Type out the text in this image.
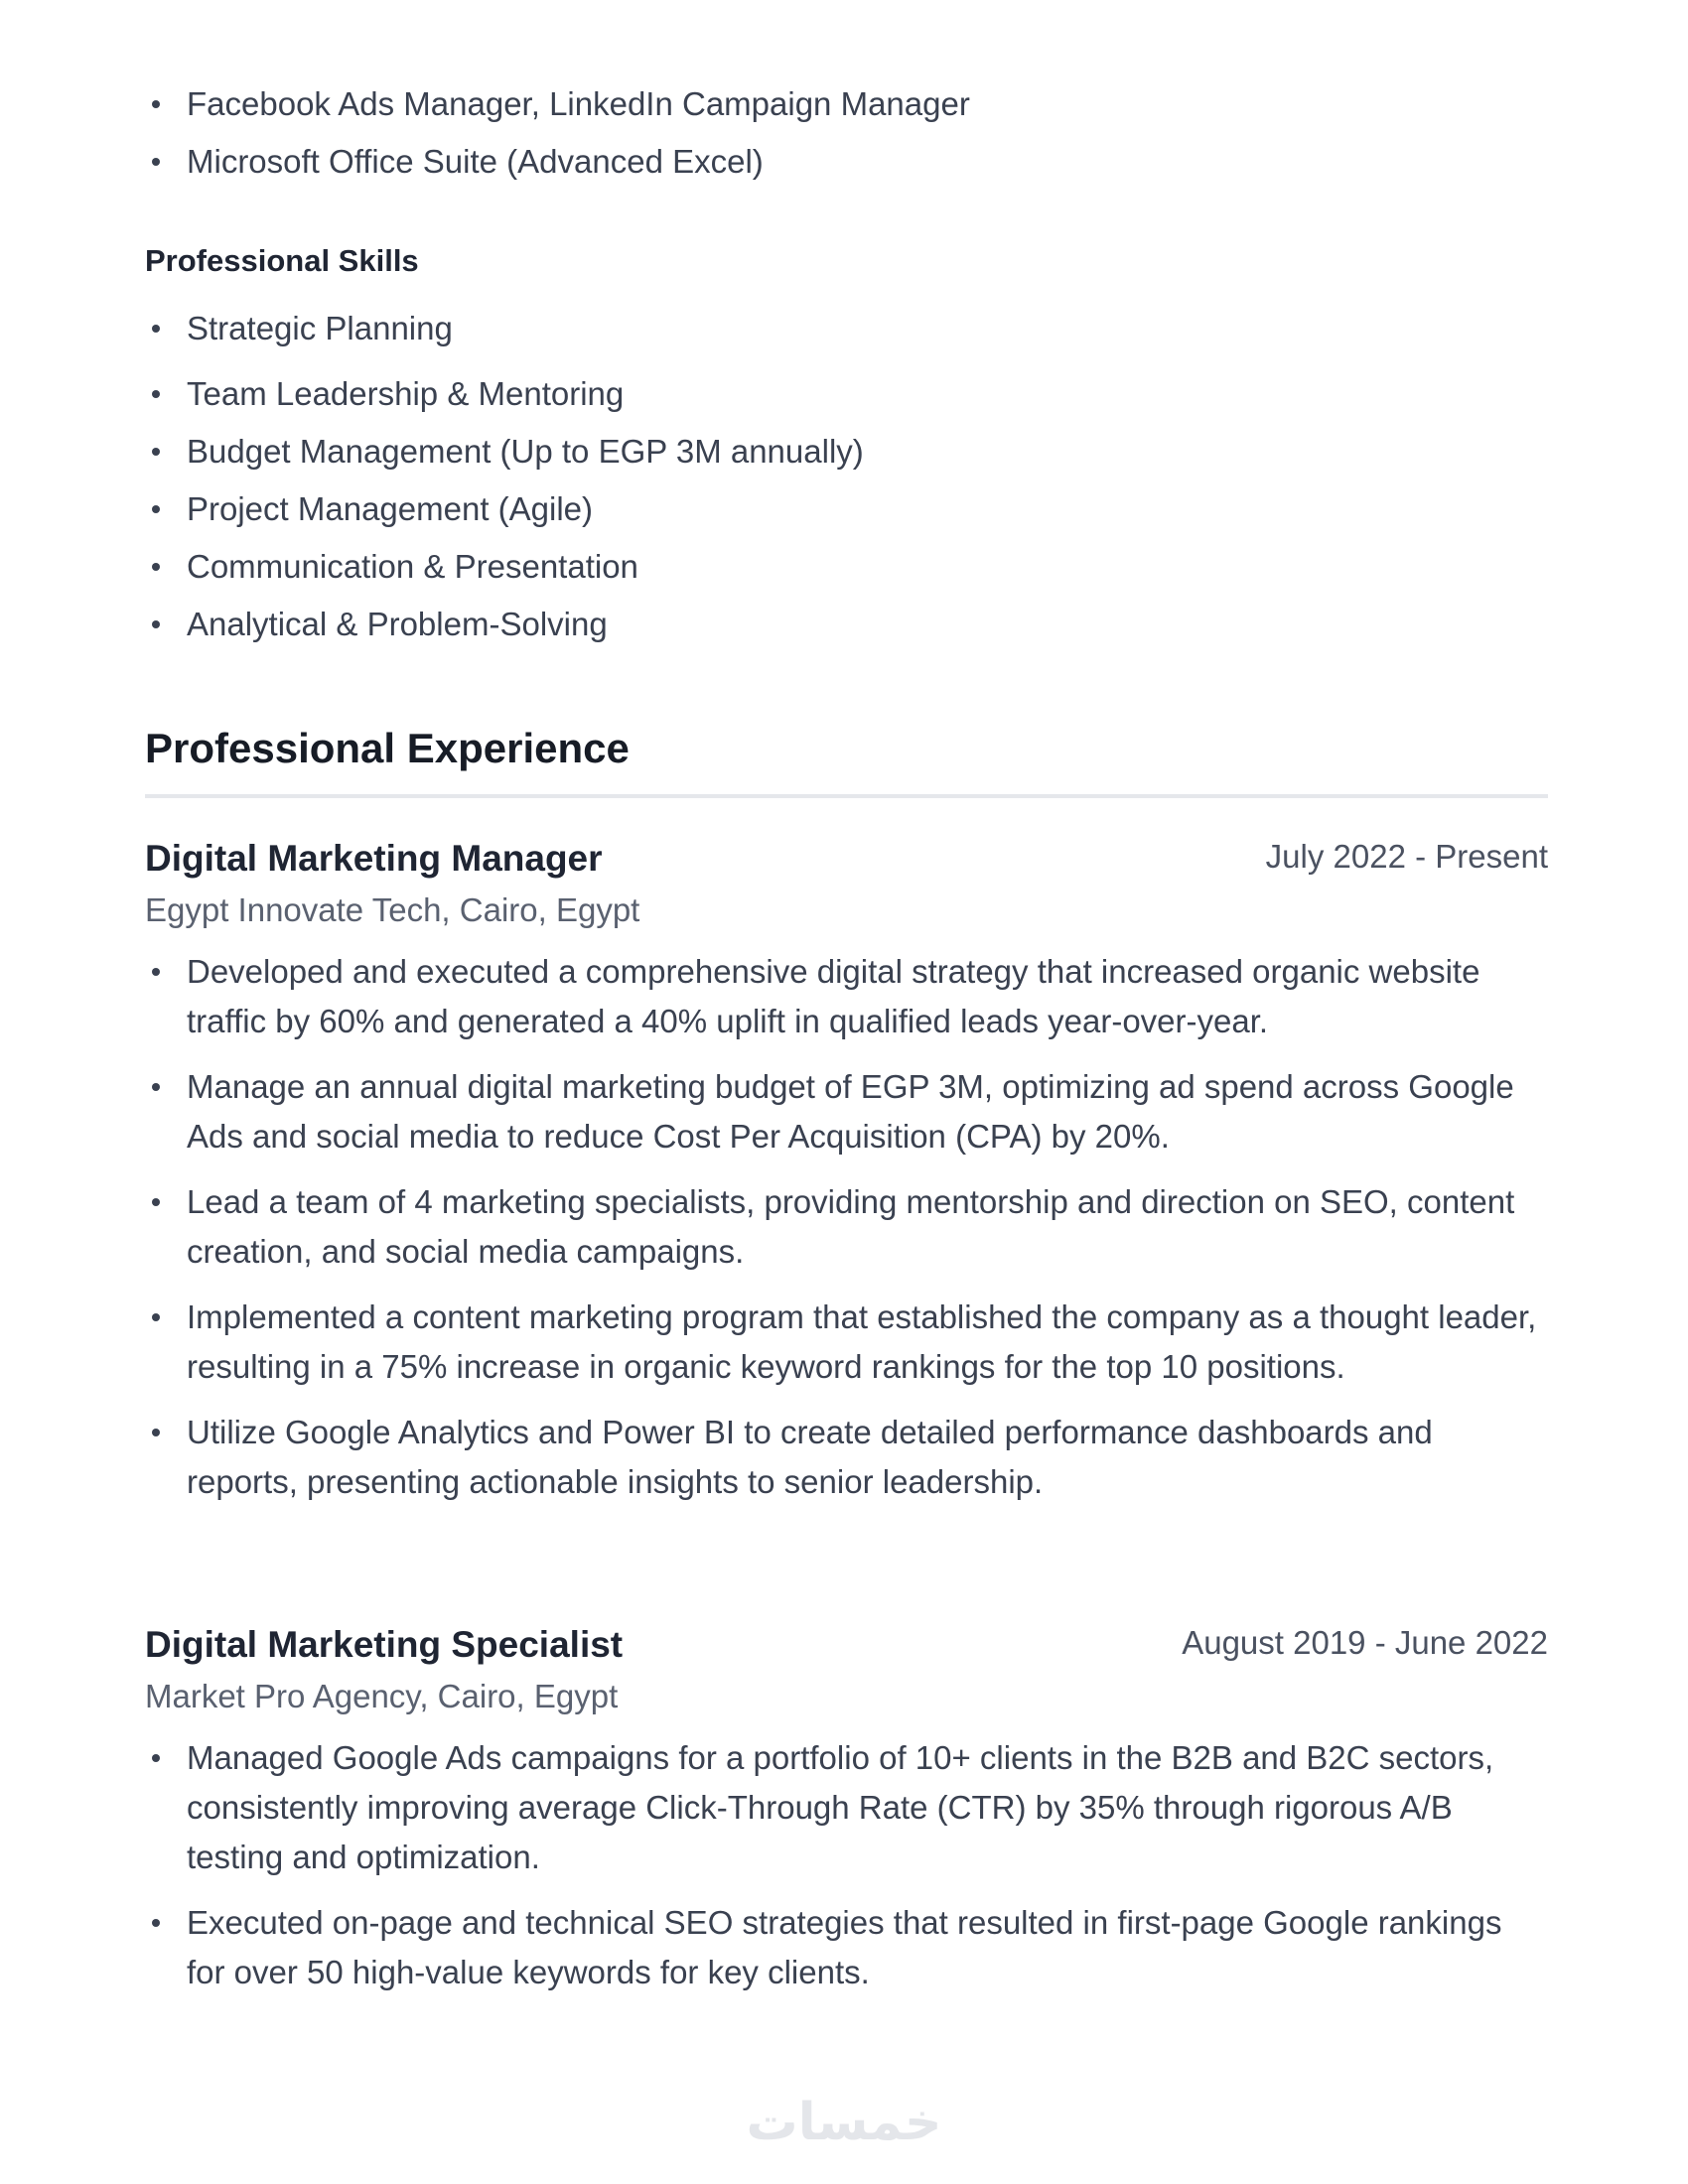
Facebook Ads Manager, LinkedIn Campaign Manager
Microsoft Office Suite (Advanced Excel)
Professional Skills
Strategic Planning
Team Leadership & Mentoring
Budget Management (Up to EGP 3M annually)
Project Management (Agile)
Communication & Presentation
Analytical & Problem-Solving
Professional Experience
Digital Marketing Manager	July 2022 - Present
Egypt Innovate Tech, Cairo, Egypt
Developed and executed a comprehensive digital strategy that increased organic website traffic by 60% and generated a 40% uplift in qualified leads year-over-year.
Manage an annual digital marketing budget of EGP 3M, optimizing ad spend across Google Ads and social media to reduce Cost Per Acquisition (CPA) by 20%.
Lead a team of 4 marketing specialists, providing mentorship and direction on SEO, content creation, and social media campaigns.
Implemented a content marketing program that established the company as a thought leader, resulting in a 75% increase in organic keyword rankings for the top 10 positions.
Utilize Google Analytics and Power BI to create detailed performance dashboards and reports, presenting actionable insights to senior leadership.
Digital Marketing Specialist	August 2019 - June 2022
Market Pro Agency, Cairo, Egypt
Managed Google Ads campaigns for a portfolio of 10+ clients in the B2B and B2C sectors, consistently improving average Click-Through Rate (CTR) by 35% through rigorous A/B testing and optimization.
Executed on-page and technical SEO strategies that resulted in first-page Google rankings for over 50 high-value keywords for key clients.
خمسات
